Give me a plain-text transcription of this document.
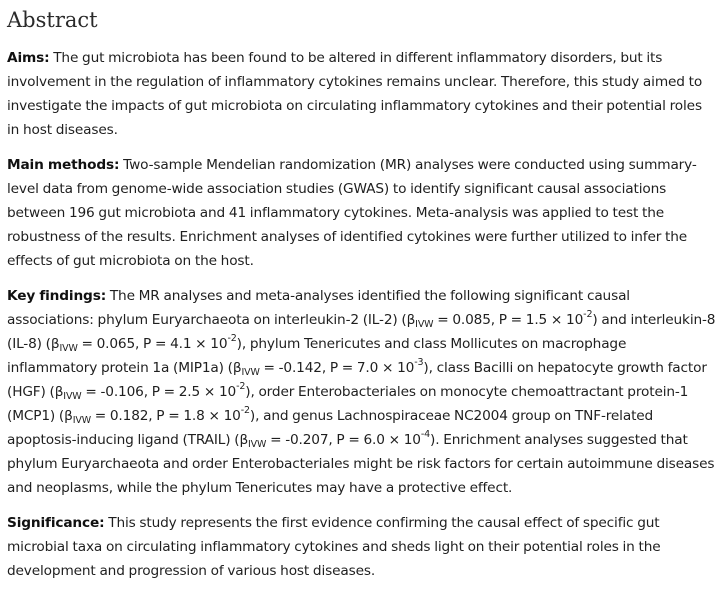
Abstract

Aims: The gut microbiota has been found to be altered in different inflammatory disorders, but its involvement in the regulation of inflammatory cytokines remains unclear. Therefore, this study aimed to investigate the impacts of gut microbiota on circulating inflammatory cytokines and their potential roles in host diseases.

Main methods: Two-sample Mendelian randomization (MR) analyses were conducted using summary-level data from genome-wide association studies (GWAS) to identify significant causal associations between 196 gut microbiota and 41 inflammatory cytokines. Meta-analysis was applied to test the robustness of the results. Enrichment analyses of identified cytokines were further utilized to infer the effects of gut microbiota on the host.

Key findings: The MR analyses and meta-analyses identified the following significant causal associations: phylum Euryarchaeota on interleukin-2 (IL-2) ($\beta_{IVW} = 0.085$, $P = 1.5 \times 10^{-2}$) and interleukin-8 (IL-8) ($\beta_{IVW} = 0.065$, $P = 4.1 \times 10^{-2}$), phylum Tenericutes and class Mollicutes on macrophage inflammatory protein 1a (MIP1a) ($\beta_{IVW} = -0.142$, $P = 7.0 \times 10^{-3}$), class Bacilli on hepatocyte growth factor (HGF) ($\beta_{IVW} = -0.106$, $P = 2.5 \times 10^{-2}$), order Enterobacteriales on monocyte chemoattractant protein-1 (MCP1) ($\beta_{IVW} = 0.182$, $P = 1.8 \times 10^{-2}$), and genus Lachnospiraceae NC2004 group on TNF-related apoptosis-inducing ligand (TRAIL) ($\beta_{IVW} = -0.207$, $P = 6.0 \times 10^{-4}$). Enrichment analyses suggested that phylum Euryarchaeota and order Enterobacteriales might be risk factors for certain autoimmune diseases and neoplasms, while the phylum Tenericutes may have a protective effect.

Significance: This study represents the first evidence confirming the causal effect of specific gut microbial taxa on circulating inflammatory cytokines and sheds light on their potential roles in the development and progression of various host diseases.
